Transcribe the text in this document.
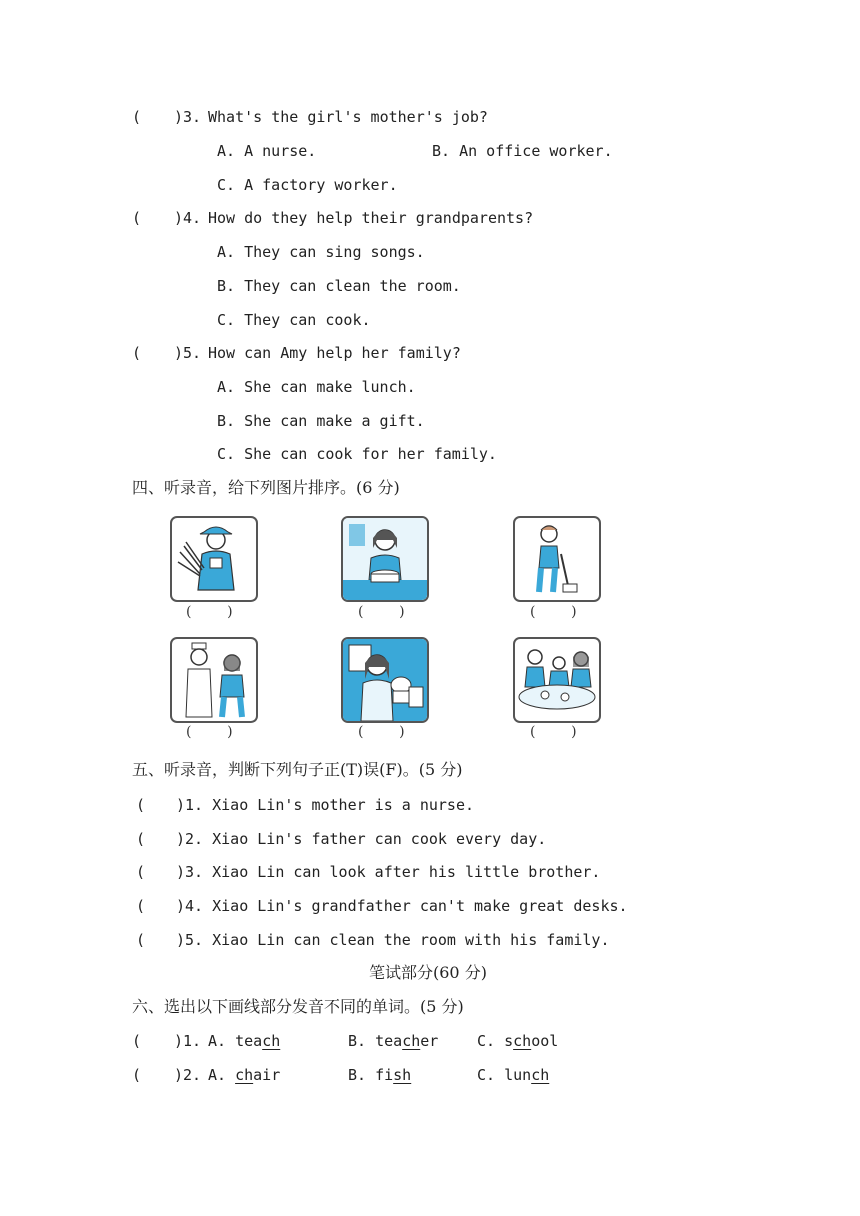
( )3. What's the girl's mother's job?
A. A nurse.	B. An office worker.
C. A factory worker.
( )4. How do they help their grandparents?
A. They can sing songs.
B. They can clean the room.
C. They can cook.
( )5. How can Amy help her family?
A. She can make lunch.
B. She can make a gift.
C. She can cook for her family.
四、听录音，给下列图片排序。(6 分)
(        )	(        )	(        )
(        )	(        )	(        )
五、听录音，判断下列句子正(T)误(F)。(5 分)
( )1. Xiao Lin's mother is a nurse.
( )2. Xiao Lin's father can cook every day.
( )3. Xiao Lin can look after his little brother.
( )4. Xiao Lin's grandfather can't make great desks.
( )5. Xiao Lin can clean the room with his family.
笔试部分(60 分)
六、选出以下画线部分发音不同的单词。(5 分)
( )1. A. teach	B. teacher	C. school
( )2. A. chair	B. fish	C. lunch
